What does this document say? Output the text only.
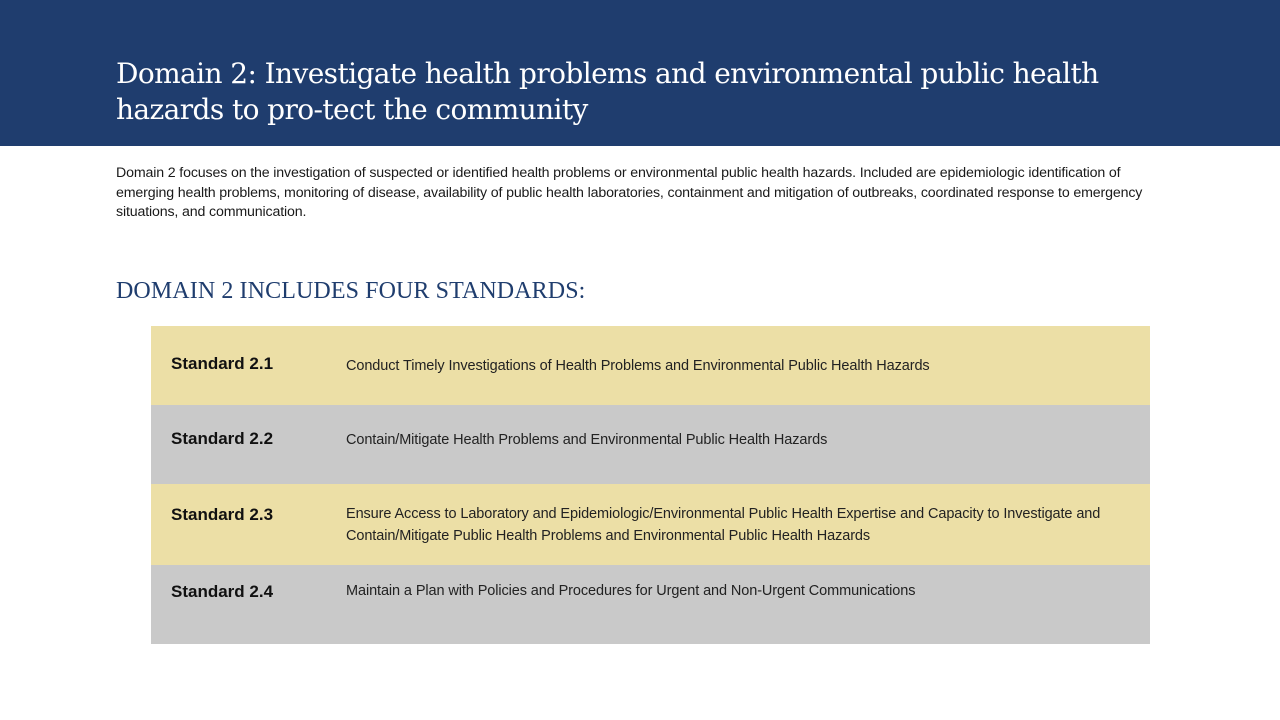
Domain 2: Investigate health problems and environmental public health hazards to pro-tect the community

Domain 2 focuses on the investigation of suspected or identified health problems or environmental public health hazards. Included are epidemiologic identification of emerging health problems, monitoring of disease, availability of public health laboratories, containment and mitigation of outbreaks, coordinated response to emergency situations, and communication.

DOMAIN 2 INCLUDES FOUR STANDARDS:
Standard 2.1	Conduct Timely Investigations of Health Problems and Environmental Public Health Hazards
Standard 2.2	Contain/Mitigate Health Problems and Environmental Public Health Hazards
Standard 2.3	Ensure Access to Laboratory and Epidemiologic/Environmental Public Health Expertise and Capacity to Investigate and Contain/Mitigate Public Health Problems and Environmental Public Health Hazards
Standard 2.4	Maintain a Plan with Policies and Procedures for Urgent and Non-Urgent Communications
